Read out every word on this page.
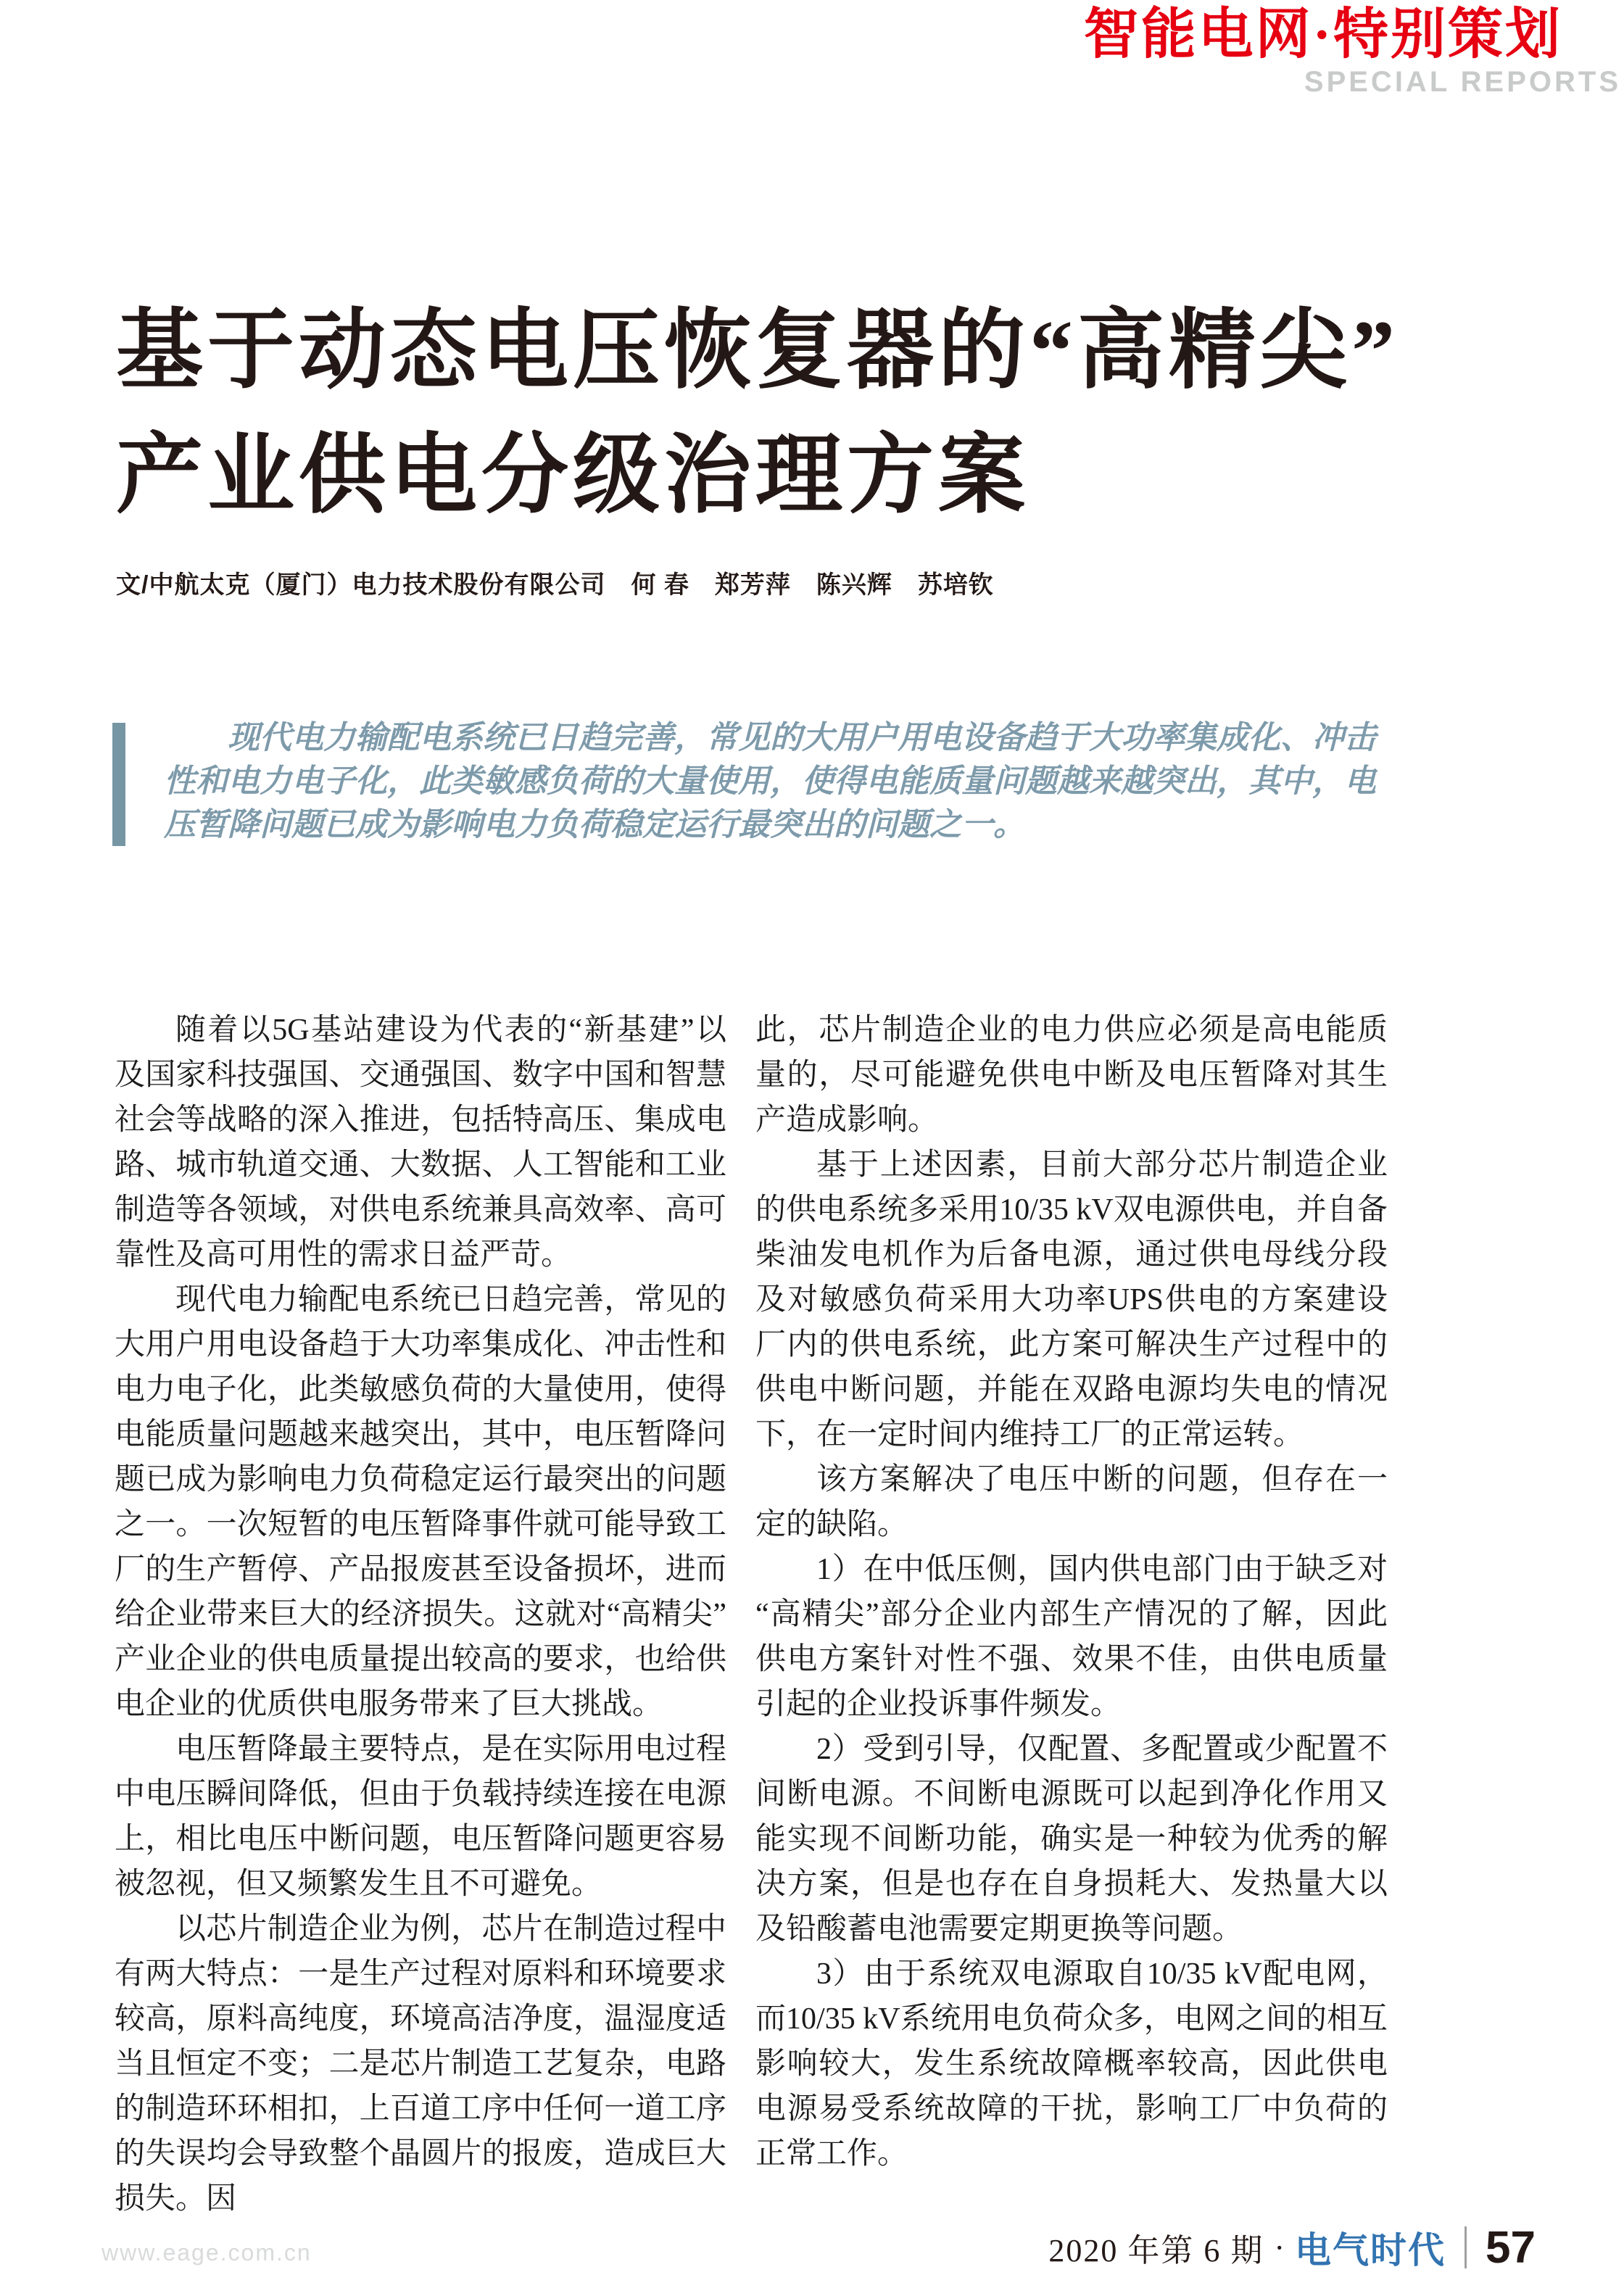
智能电网·特别策划
SPECIAL REPORTS
基于动态电压恢复器的“高精尖”
产业供电分级治理方案
文/中航太克（厦门）电力技术股份有限公司　何 春　郑芳萍　陈兴辉　苏培钦

现代电力输配电系统已日趋完善，常见的大用户用电设备趋于大功率集成化、冲击性和电力电子化，此类敏感负荷的大量使用，使得电能质量问题越来越突出，其中，电压暂降问题已成为影响电力负荷稳定运行最突出的问题之一。

随着以5G基站建设为代表的“新基建”以及国家科技强国、交通强国、数字中国和智慧社会等战略的深入推进，包括特高压、集成电路、城市轨道交通、大数据、人工智能和工业制造等各领域，对供电系统兼具高效率、高可靠性及高可用性的需求日益严苛。

现代电力输配电系统已日趋完善，常见的大用户用电设备趋于大功率集成化、冲击性和电力电子化，此类敏感负荷的大量使用，使得电能质量问题越来越突出，其中，电压暂降问题已成为影响电力负荷稳定运行最突出的问题之一。一次短暂的电压暂降事件就可能导致工厂的生产暂停、产品报废甚至设备损坏，进而给企业带来巨大的经济损失。这就对“高精尖”产业企业的供电质量提出较高的要求，也给供电企业的优质供电服务带来了巨大挑战。

电压暂降最主要特点，是在实际用电过程中电压瞬间降低，但由于负载持续连接在电源上，相比电压中断问题，电压暂降问题更容易被忽视，但又频繁发生且不可避免。

以芯片制造企业为例，芯片在制造过程中有两大特点：一是生产过程对原料和环境要求较高，原料高纯度，环境高洁净度，温湿度适当且恒定不变；二是芯片制造工艺复杂，电路的制造环环相扣，上百道工序中任何一道工序的失误均会导致整个晶圆片的报废，造成巨大损失。因

此，芯片制造企业的电力供应必须是高电能质量的，尽可能避免供电中断及电压暂降对其生产造成影响。

基于上述因素，目前大部分芯片制造企业的供电系统多采用10/35 kV双电源供电，并自备柴油发电机作为后备电源，通过供电母线分段及对敏感负荷采用大功率UPS供电的方案建设厂内的供电系统，此方案可解决生产过程中的供电中断问题，并能在双路电源均失电的情况下，在一定时间内维持工厂的正常运转。

该方案解决了电压中断的问题，但存在一定的缺陷。

1）在中低压侧，国内供电部门由于缺乏对“高精尖”部分企业内部生产情况的了解，因此供电方案针对性不强、效果不佳，由供电质量引起的企业投诉事件频发。

2）受到引导，仅配置、多配置或少配置不间断电源。不间断电源既可以起到净化作用又能实现不间断功能，确实是一种较为优秀的解决方案，但是也存在自身损耗大、发热量大以及铅酸蓄电池需要定期更换等问题。

3）由于系统双电源取自10/35 kV配电网，而10/35 kV系统用电负荷众多，电网之间的相互影响较大，发生系统故障概率较高，因此供电电源易受系统故障的干扰，影响工厂中负荷的正常工作。

www.eage.com.cn	2020 年第 6 期 · 电气时代 57
